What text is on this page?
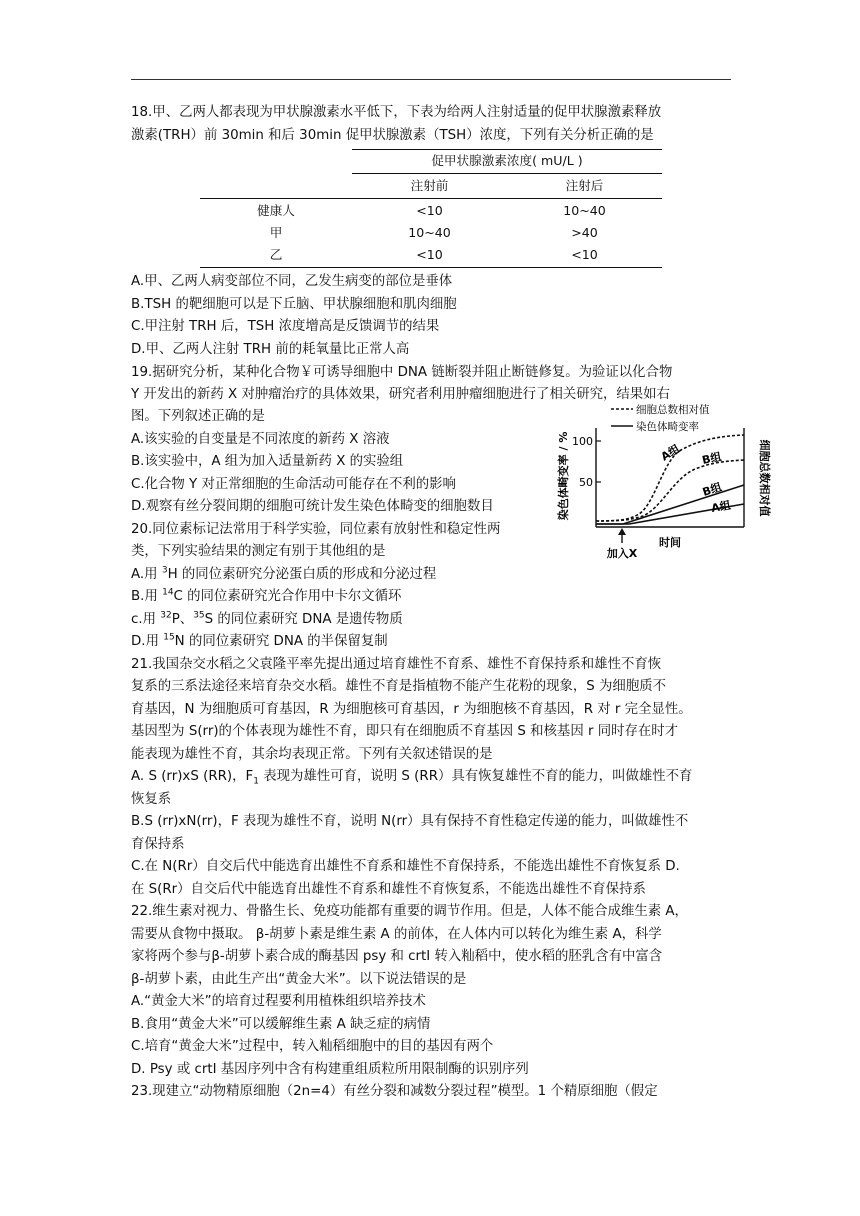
18.甲、乙两人都表现为甲状腺激素水平低下，下表为给两人注射适量的促甲状腺激素释放
激素(TRH）前 30min 和后 30min 促甲状腺激素（TSH）浓度，下列有关分析正确的是
促甲状腺激素浓度( mU/L )
注射前	注射后
健康人	<10	10~40
甲	10~40	>40
乙	<10	<10
A.甲、乙两人病变部位不同，乙发生病变的部位是垂体
B.TSH 的靶细胞可以是下丘脑、甲状腺细胞和肌肉细胞
C.甲注射 TRH 后，TSH 浓度增高是反馈调节的结果
D.甲、乙两人注射 TRH 前的耗氧量比正常人高
19.据研究分析，某种化合物￥可诱导细胞中 DNA 链断裂并阻止断链修复。为验证以化合物
Y 开发出的新药 X 对肿瘤治疗的具体效果，研究者利用肿瘤细胞进行了相关研究，结果如右
图。下列叙述正确的是
A.该实验的自变量是不同浓度的新药 X 溶液
B.该实验中，A 组为加入适量新药 X 的实验组
C.化合物 Y 对正常细胞的生命活动可能存在不利的影响
D.观察有丝分裂间期的细胞可统计发生染色体畸变的细胞数目
细胞总数相对值
染色体畸变率
100
50
染色体畸变率 / %	细胞总数相对值
A组 B组
B组
A组
加入X
时间
20.同位素标记法常用于科学实验，同位素有放射性和稳定性两
类，下列实验结果的测定有别于其他组的是
A.用 $^3$H 的同位素研究分泌蛋白质的形成和分泌过程
B.用 $^{14}$C 的同位素研究光合作用中卡尔文循环
c.用 $^{32}$P、$^{35}$S 的同位素研究 DNA 是遗传物质
D.用 $^{15}$N 的同位素研究 DNA 的半保留复制
21.我国杂交水稻之父袁隆平率先提出通过培育雄性不育系、雄性不育保持系和雄性不育恢
复系的三系法途径来培育杂交水稻。雄性不育是指植物不能产生花粉的现象，S 为细胞质不
育基因，N 为细胞质可育基因，R 为细胞核可育基因，r 为细胞核不育基因，R 对 r 完全显性。
基因型为 S(rr)的个体表现为雄性不育，即只有在细胞质不育基因 S 和核基因 r 同时存在时才
能表现为雄性不育，其余均表现正常。下列有关叙述错误的是
A. S (rr)xS (RR)，$F_1$ 表现为雄性可育，说明 S (RR）具有恢复雄性不育的能力，叫做雄性不育
恢复系
B.S (rr)xN(rr)，F 表现为雄性不育，说明 N(rr）具有保持不育性稳定传递的能力，叫做雄性不
育保持系
C.在 N(Rr）自交后代中能选育出雄性不育系和雄性不育保持系，不能选出雄性不育恢复系 D.
在 S(Rr）自交后代中能选育出雄性不育系和雄性不育恢复系，不能选出雄性不育保持系
22.维生素对视力、骨骼生长、免疫功能都有重要的调节作用。但是，人体不能合成维生素 A，
需要从食物中摄取。 β-胡萝卜素是维生素 A 的前体，在人体内可以转化为维生素 A，科学
家将两个参与β-胡萝卜素合成的酶基因 psy 和 crtⅠ 转入籼稻中，使水稻的胚乳含有中富含
β-胡萝卜素，由此生产出“黄金大米”。以下说法错误的是
A.“黄金大米”的培育过程要利用植株组织培养技术
B.食用“黄金大米”可以缓解维生素 A 缺乏症的病情
C.培育“黄金大米”过程中，转入籼稻细胞中的目的基因有两个
D. Psy 或 crtⅠ 基因序列中含有构建重组质粒所用限制酶的识别序列
23.现建立“动物精原细胞（2n=4）有丝分裂和减数分裂过程”模型。1 个精原细胞（假定
